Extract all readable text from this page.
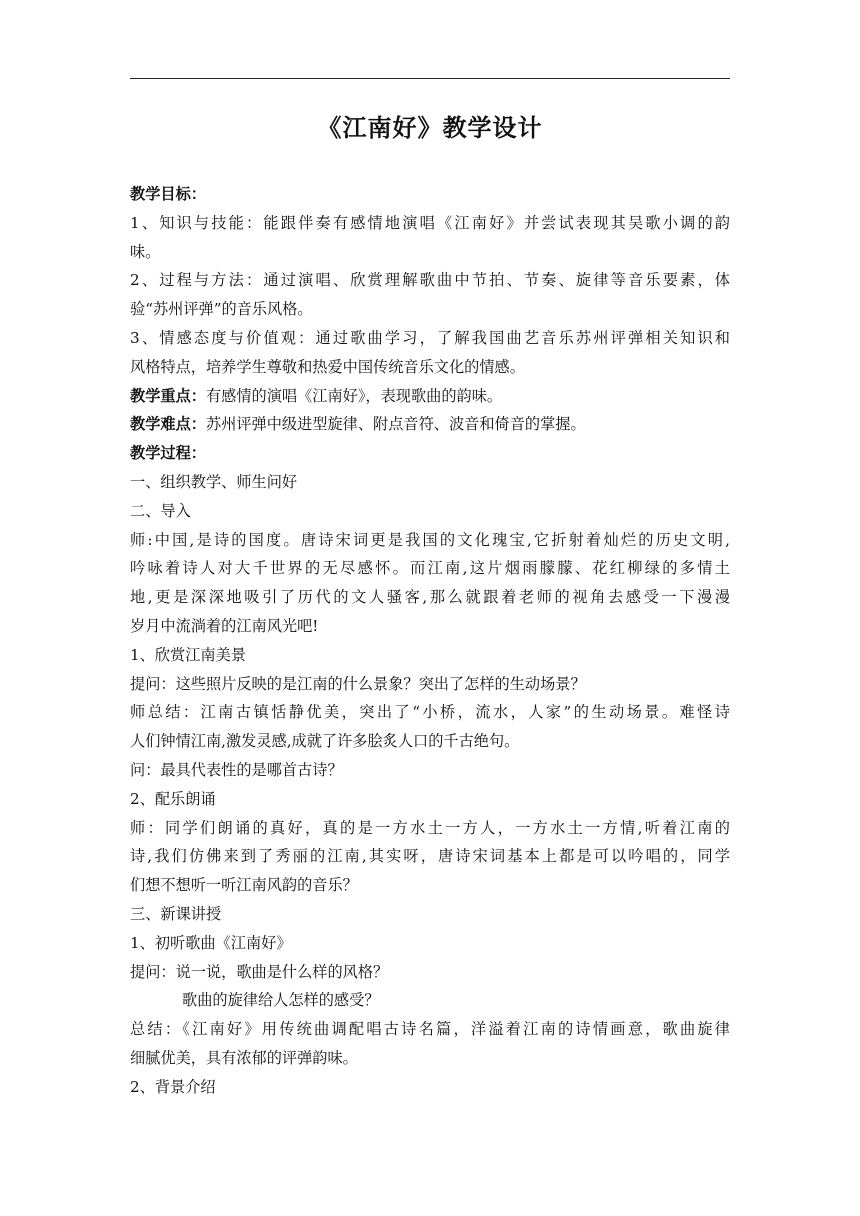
《江南好》教学设计
教学目标：
1、知识与技能：能跟伴奏有感情地演唱《江南好》并尝试表现其吴歌小调的韵
味。
2、过程与方法：通过演唱、欣赏理解歌曲中节拍、节奏、旋律等音乐要素，体
验“苏州评弹”的音乐风格。
3、情感态度与价值观：通过歌曲学习，了解我国曲艺音乐苏州评弹相关知识和
风格特点，培养学生尊敬和热爱中国传统音乐文化的情感。
教学重点：有感情的演唱《江南好》，表现歌曲的韵味。
教学难点：苏州评弹中级进型旋律、附点音符、波音和倚音的掌握。
教学过程：
一、组织教学、师生问好
二、导入
师:中国,是诗的国度。唐诗宋词更是我国的文化瑰宝,它折射着灿烂的历史文明,
吟咏着诗人对大千世界的无尽感怀。而江南,这片烟雨朦朦、花红柳绿的多情土
地,更是深深地吸引了历代的文人骚客,那么就跟着老师的视角去感受一下漫漫
岁月中流淌着的江南风光吧!
1、欣赏江南美景
提问：这些照片反映的是江南的什么景象？突出了怎样的生动场景？
师总结：江南古镇恬静优美，突出了“小桥，流水，人家”的生动场景。难怪诗
人们钟情江南,激发灵感,成就了许多脍炙人口的千古绝句。
问：最具代表性的是哪首古诗？
2、配乐朗诵
师：同学们朗诵的真好，真的是一方水土一方人，一方水土一方情,听着江南的
诗,我们仿佛来到了秀丽的江南,其实呀，唐诗宋词基本上都是可以吟唱的，同学
们想不想听一听江南风韵的音乐？
三、新课讲授
1、初听歌曲《江南好》
提问：说一说，歌曲是什么样的风格？
歌曲的旋律给人怎样的感受？
总结：《江南好》用传统曲调配唱古诗名篇，洋溢着江南的诗情画意，歌曲旋律
细腻优美，具有浓郁的评弹韵味。
2、背景介绍
